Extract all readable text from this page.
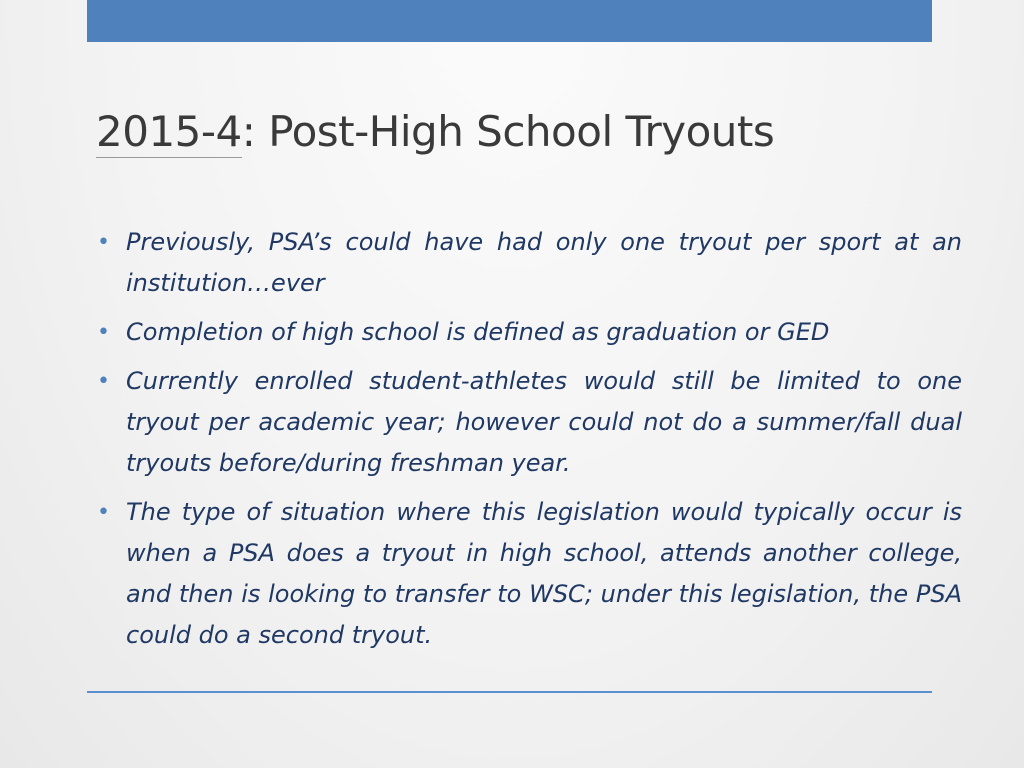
2015-4: Post-High School Tryouts
• Previously, PSA’s could have had only one tryout per sport at an institution…ever
• Completion of high school is defined as graduation or GED
• Currently enrolled student-athletes would still be limited to one tryout per academic year; however could not do a summer/fall dual tryouts before/during freshman year.
• The type of situation where this legislation would typically occur is when a PSA does a tryout in high school, attends another college, and then is looking to transfer to WSC; under this legislation, the PSA could do a second tryout.
